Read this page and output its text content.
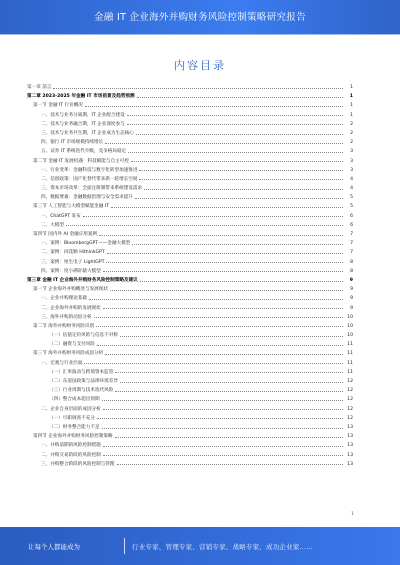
金融 IT 企业海外并购财务风险控制策略研究报告
内容目录
第一章 前言	1
第二章 2023-2025 年金融 IT 市场前景及趋势预测	1
第一节 金融 IT 行业概况	1
一、技术与业务分离期，IT 企业配合建设	1
二、技术与业务融合期，IT 企业深度参与	2
三、技术与业务共生期，IT 企业成为生态核心	2
四、银行 IT 市场规模持续增长	2
五、证券 IT 系统迭代升级，竞争格局稳定	3
第二节 金融 IT 发展机遇：科技赋能与自主可控	3
一、行业变革：金融科技与数字化转型加速推进	3
二、信创政策：国产化替代带来新一轮增长空间	4
三、资本市场改革：全面注册制带来系统建设需求	4
四、数据要素：金融数据治理与安全需求提升	5
第三节 人工智能与大模型赋能金融 IT	5
一、ChatGPT 发布	6
二、大模型	6
第四节 国内外 AI 金融应用案例	7
一、案例：BloombergGPT——金融大模型	7
二、案例：同花顺 HithinkGPT	7
三、案例：恒生电子 LightGPT	8
四、案例：度小满轩辕大模型	8
第三章 金融 IT 企业海外并购财务风险控制策略及建议	9
第一节 企业海外并购概述与发展现状	9
一、企业并购理论基础	9
二、企业海外并购的发展现状	9
三、海外并购的动因分析	10
第二节 海外并购财务风险识别	10
（一）估值定价风险与信息不对称	10
（二）融资与支付风险	11
第三节 海外并购财务风险成因分析	11
一、宏观与行业层面	11
（一）汇率波动与跨境资本监管	11
（二）东道国政策与法律环境差异	12
（三）行业周期与技术迭代风险	12
（四）整合成本超出预期	12
二、企业自身层面的成因分析	12
（一）尽职调查不充分	12
（二）财务整合能力不足	13
第四节 企业海外并购财务风险控制策略	13
一、并购前期的风险控制措施	13
二、并购交易阶段的风险控制	13
三、并购整合阶段的风险控制与管理	13
1
让每个人都能成为	行业专家、管理专家、营销专家、战略专家、成功企业家……
